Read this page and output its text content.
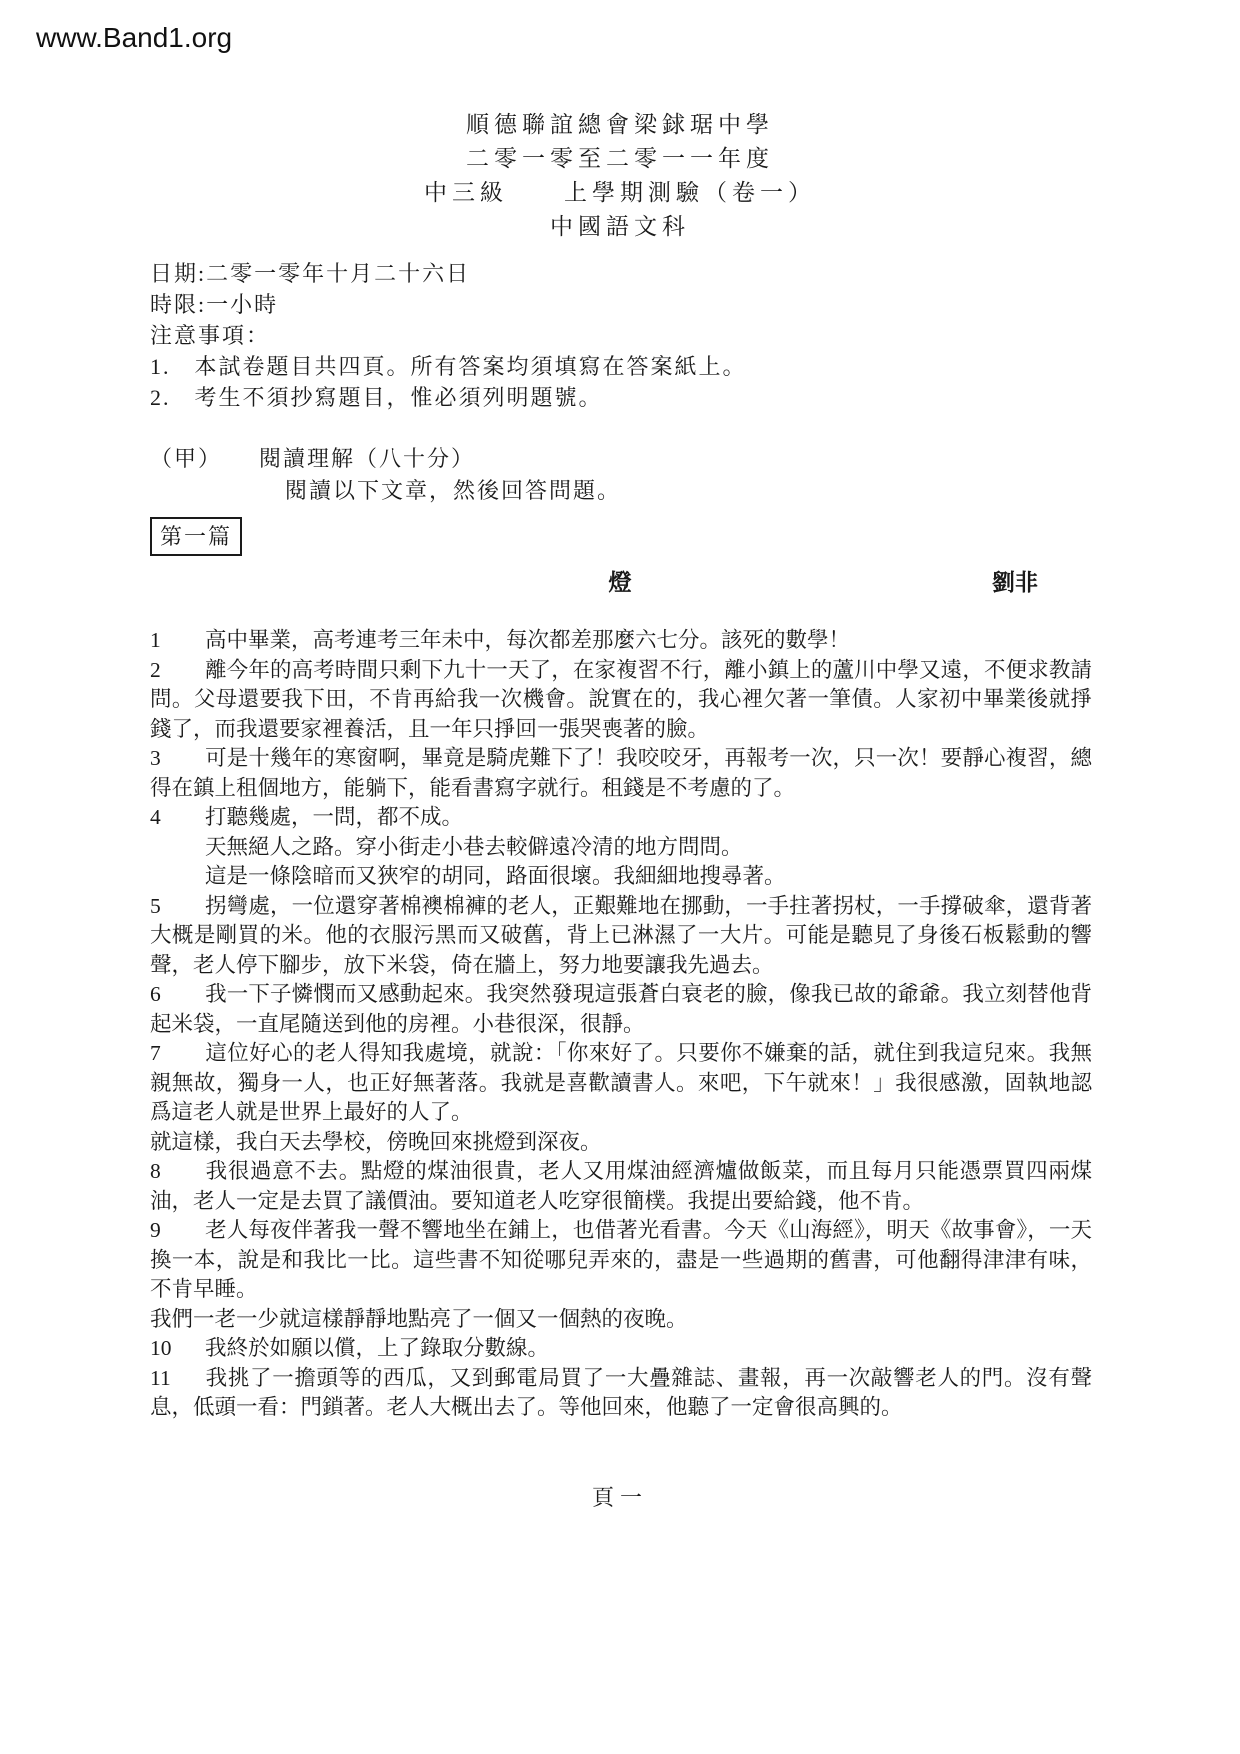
www.Band1.org
順德聯誼總會梁銶琚中學
二零一零至二零一一年度
中三級　　上學期測驗（卷一）
中國語文科
日期:二零一零年十月二十六日
時限:一小時
注意事項：
1.　本試卷題目共四頁。所有答案均須填寫在答案紙上。
2.　考生不須抄寫題目，惟必須列明題號。
（甲）　　閱讀理解（八十分）
閱讀以下文章，然後回答問題。
第一篇
燈	劉非

1 高中畢業，高考連考三年未中，每次都差那麼六七分。該死的數學！

2 離今年的高考時間只剩下九十一天了，在家複習不行，離小鎮上的蘆川中學又遠，不便求教請問。父母還要我下田，不肯再給我一次機會。說實在的，我心裡欠著一筆債。人家初中畢業後就掙錢了，而我還要家裡養活，且一年只掙回一張哭喪著的臉。

3 可是十幾年的寒窗啊，畢竟是騎虎難下了！我咬咬牙，再報考一次，只一次！要靜心複習，總得在鎮上租個地方，能躺下，能看書寫字就行。租錢是不考慮的了。

4 打聽幾處，一問，都不成。

天無絕人之路。穿小街走小巷去較僻遠冷清的地方問問。

這是一條陰暗而又狹窄的胡同，路面很壞。我細細地搜尋著。

5 拐彎處，一位還穿著棉襖棉褲的老人，正艱難地在挪動，一手拄著拐杖，一手撐破傘，還背著大概是剛買的米。他的衣服污黑而又破舊，背上已淋濕了一大片。可能是聽見了身後石板鬆動的響聲，老人停下腳步，放下米袋，倚在牆上，努力地要讓我先過去。

6 我一下子憐憫而又感動起來。我突然發現這張蒼白衰老的臉，像我已故的爺爺。我立刻替他背起米袋，一直尾隨送到他的房裡。小巷很深，很靜。

7 這位好心的老人得知我處境，就說：「你來好了。只要你不嫌棄的話，就住到我這兒來。我無親無故，獨身一人，也正好無著落。我就是喜歡讀書人。來吧，下午就來！」我很感激，固執地認爲這老人就是世界上最好的人了。

就這樣，我白天去學校，傍晚回來挑燈到深夜。

8 我很過意不去。點燈的煤油很貴，老人又用煤油經濟爐做飯菜，而且每月只能憑票買四兩煤油，老人一定是去買了議價油。要知道老人吃穿很簡樸。我提出要給錢，他不肯。

9 老人每夜伴著我一聲不響地坐在鋪上，也借著光看書。今天《山海經》，明天《故事會》，一天換一本，說是和我比一比。這些書不知從哪兒弄來的，盡是一些過期的舊書，可他翻得津津有味，不肯早睡。

我們一老一少就這樣靜靜地點亮了一個又一個熱的夜晚。

10 我終於如願以償，上了錄取分數線。

11 我挑了一擔頭等的西瓜，又到郵電局買了一大疊雜誌、畫報，再一次敲響老人的門。沒有聲息，低頭一看：門鎖著。老人大概出去了。等他回來，他聽了一定會很高興的。

頁一
